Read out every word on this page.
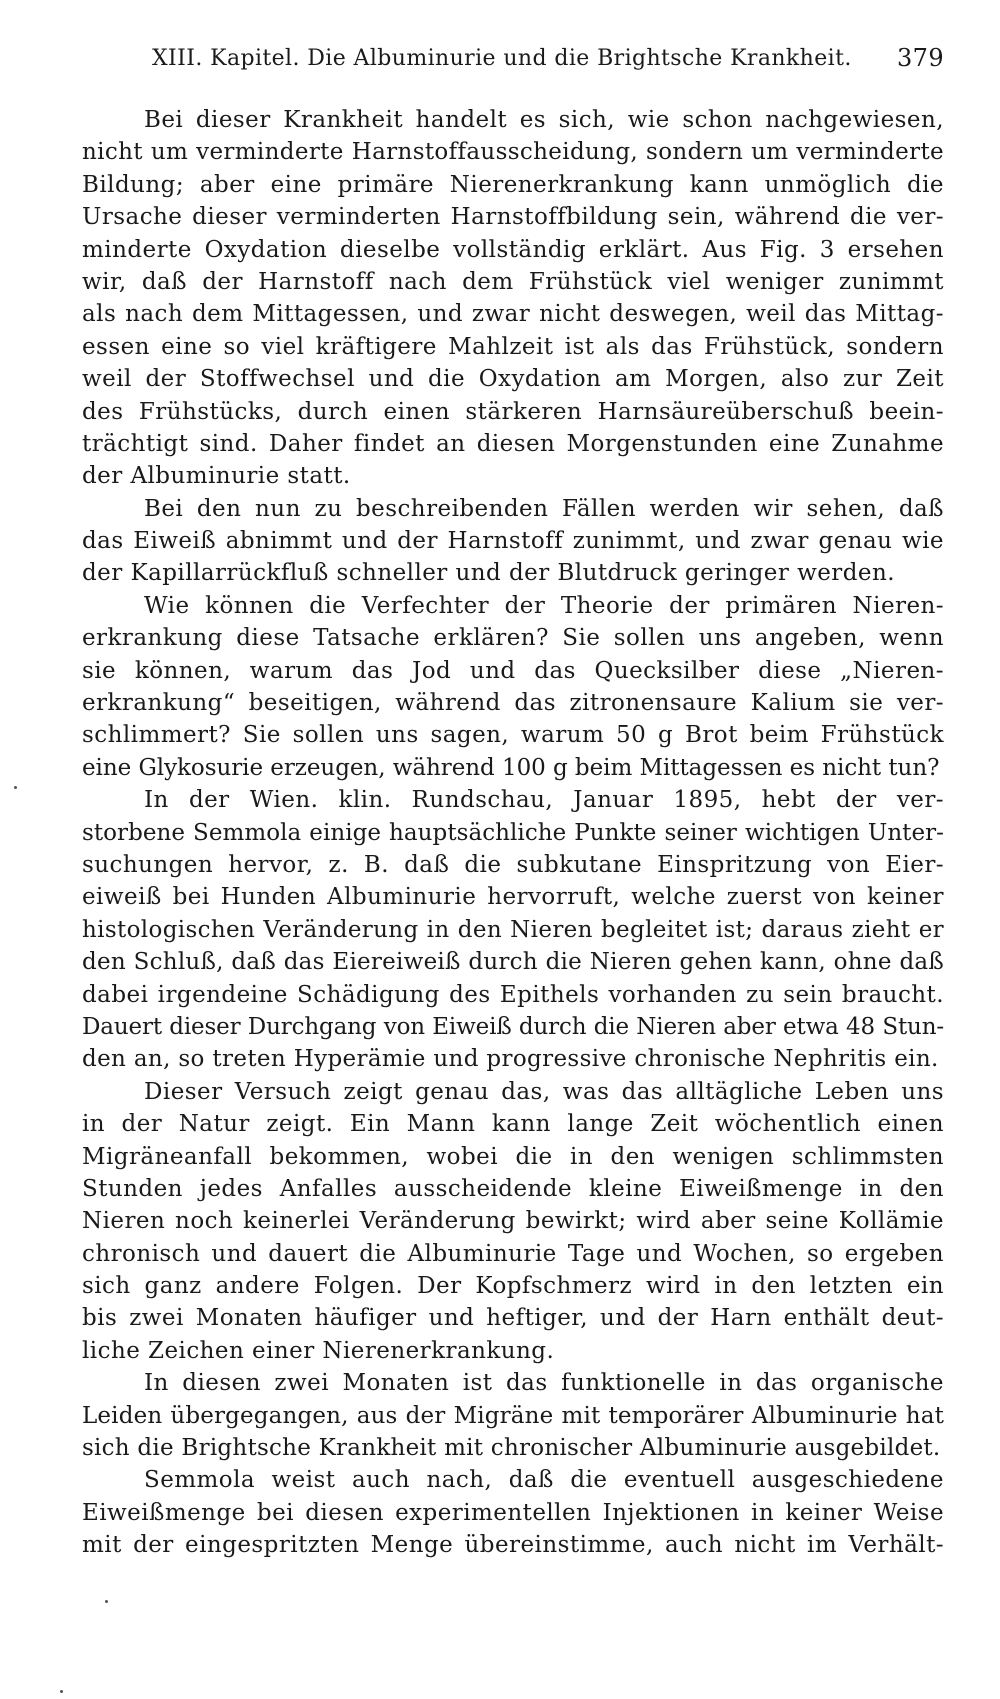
XIII. Kapitel. Die Albuminurie und die Brightsche Krankheit. 379
Bei dieser Krankheit handelt es sich, wie schon nachgewiesen,
nicht um verminderte Harnstoffausscheidung, sondern um verminderte
Bildung; aber eine primäre Nierenerkrankung kann unmöglich die
Ursache dieser verminderten Harnstoffbildung sein, während die ver-
minderte Oxydation dieselbe vollständig erklärt. Aus Fig. 3 ersehen
wir, daß der Harnstoff nach dem Frühstück viel weniger zunimmt
als nach dem Mittagessen, und zwar nicht deswegen, weil das Mittag-
essen eine so viel kräftigere Mahlzeit ist als das Frühstück, sondern
weil der Stoffwechsel und die Oxydation am Morgen, also zur Zeit
des Frühstücks, durch einen stärkeren Harnsäureüberschuß beein-
trächtigt sind. Daher findet an diesen Morgenstunden eine Zunahme
der Albuminurie statt.
Bei den nun zu beschreibenden Fällen werden wir sehen, daß
das Eiweiß abnimmt und der Harnstoff zunimmt, und zwar genau wie
der Kapillarrückfluß schneller und der Blutdruck geringer werden.
Wie können die Verfechter der Theorie der primären Nieren-
erkrankung diese Tatsache erklären? Sie sollen uns angeben, wenn
sie können, warum das Jod und das Quecksilber diese „Nieren-
erkrankung“ beseitigen, während das zitronensaure Kalium sie ver-
schlimmert? Sie sollen uns sagen, warum 50 g Brot beim Frühstück
eine Glykosurie erzeugen, während 100 g beim Mittagessen es nicht tun?
In der Wien. klin. Rundschau, Januar 1895, hebt der ver-
storbene Semmola einige hauptsächliche Punkte seiner wichtigen Unter-
suchungen hervor, z. B. daß die subkutane Einspritzung von Eier-
eiweiß bei Hunden Albuminurie hervorruft, welche zuerst von keiner
histologischen Veränderung in den Nieren begleitet ist; daraus zieht er
den Schluß, daß das Eiereiweiß durch die Nieren gehen kann, ohne daß
dabei irgendeine Schädigung des Epithels vorhanden zu sein braucht.
Dauert dieser Durchgang von Eiweiß durch die Nieren aber etwa 48 Stun-
den an, so treten Hyperämie und progressive chronische Nephritis ein.
Dieser Versuch zeigt genau das, was das alltägliche Leben uns
in der Natur zeigt. Ein Mann kann lange Zeit wöchentlich einen
Migräneanfall bekommen, wobei die in den wenigen schlimmsten
Stunden jedes Anfalles ausscheidende kleine Eiweißmenge in den
Nieren noch keinerlei Veränderung bewirkt; wird aber seine Kollämie
chronisch und dauert die Albuminurie Tage und Wochen, so ergeben
sich ganz andere Folgen. Der Kopfschmerz wird in den letzten ein
bis zwei Monaten häufiger und heftiger, und der Harn enthält deut-
liche Zeichen einer Nierenerkrankung.
In diesen zwei Monaten ist das funktionelle in das organische
Leiden übergegangen, aus der Migräne mit temporärer Albuminurie hat
sich die Brightsche Krankheit mit chronischer Albuminurie ausgebildet.
Semmola weist auch nach, daß die eventuell ausgeschiedene
Eiweißmenge bei diesen experimentellen Injektionen in keiner Weise
mit der eingespritzten Menge übereinstimme, auch nicht im Verhält-
